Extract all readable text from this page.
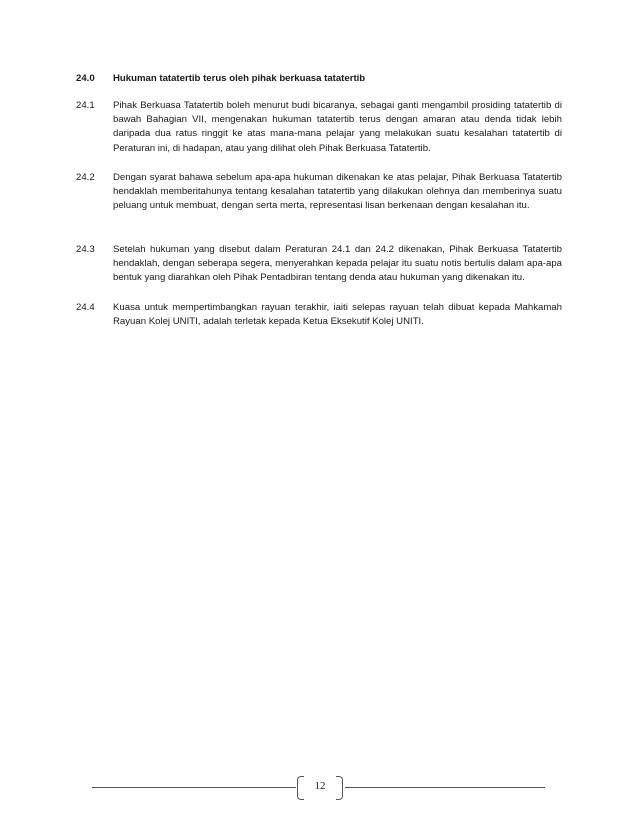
24.0	Hukuman tatatertib terus oleh pihak berkuasa tatatertib
24.1	Pihak Berkuasa Tatatertib boleh menurut budi bicaranya, sebagai ganti mengambil prosiding tatatertib di bawah Bahagian VII, mengenakan hukuman tatatertib terus dengan amaran atau denda tidak lebih daripada dua ratus ringgit ke atas mana-mana pelajar yang melakukan suatu kesalahan tatatertib di Peraturan ini, di hadapan, atau yang dilihat oleh Pihak Berkuasa Tatatertib.
24.2	Dengan syarat bahawa sebelum apa-apa hukuman dikenakan ke atas pelajar, Pihak Berkuasa Tatatertib hendaklah memberitahunya tentang kesalahan tatatertib yang dilakukan olehnya dan memberinya suatu peluang untuk membuat, dengan serta merta, representasi lisan berkenaan dengan kesalahan itu.
24.3	Setelah hukuman yang disebut dalam Peraturan 24.1 dan 24.2 dikenakan, Pihak Berkuasa Tatatertib hendaklah, dengan seberapa segera, menyerahkan kepada pelajar itu suatu notis bertulis dalam apa-apa bentuk yang diarahkan oleh Pihak Pentadbiran tentang denda atau hukuman yang dikenakan itu.
24.4	Kuasa untuk mempertimbangkan rayuan terakhir, iaiti selepas rayuan telah dibuat kepada Mahkamah Rayuan Kolej UNITI, adalah terletak kepada Ketua Eksekutif Kolej UNITI.
12
